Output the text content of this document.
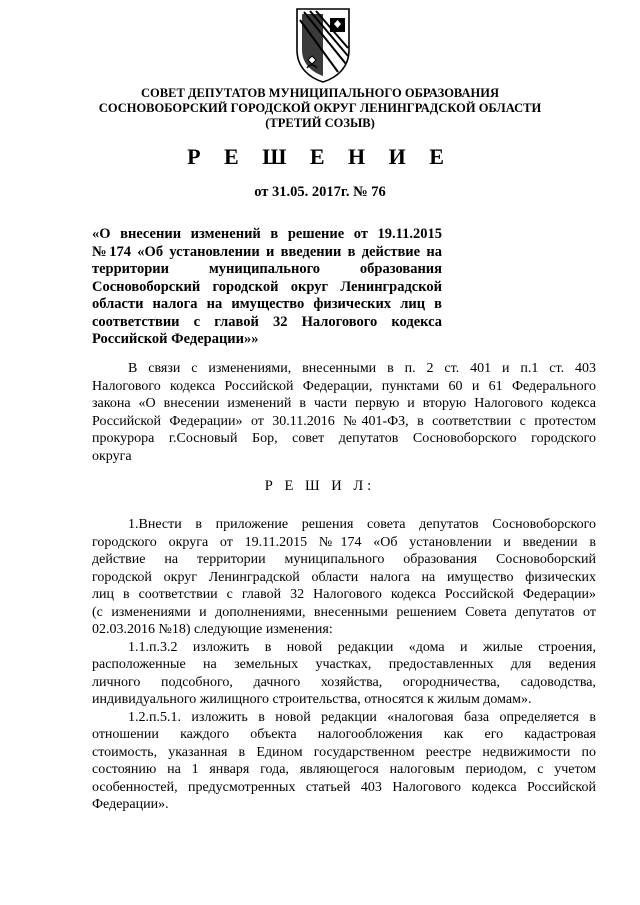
СОВЕТ ДЕПУТАТОВ МУНИЦИПАЛЬНОГО ОБРАЗОВАНИЯ
СОСНОВОБОРСКИЙ ГОРОДСКОЙ ОКРУГ ЛЕНИНГРАДСКОЙ ОБЛАСТИ
(ТРЕТИЙ СОЗЫВ)
Р Е Ш Е Н И Е
от 31.05. 2017г. № 76
«О внесении изменений в решение от 19.11.2015
№174 «Об установлении и введении в действие на
территории муниципального образования
Сосновоборский городской округ Ленинградской
области налога на имущество физических лиц в
соответствии с главой 32 Налогового кодекса
Российской Федерации»»
В связи с изменениями, внесенными в п. 2 ст. 401 и п.1 ст. 403
Налогового кодекса Российской Федерации, пунктами 60 и 61 Федерального
закона «О внесении изменений в части первую и вторую Налогового кодекса
Российской Федерации» от 30.11.2016 №401-ФЗ, в соответствии с протестом
прокурора г.Сосновый Бор, совет депутатов Сосновоборского городского
округа
Р Е Ш И Л:
1.Внести в приложение решения совета депутатов Сосновоборского
городского округа от 19.11.2015 №174 «Об установлении и введении в
действие на территории муниципального образования Сосновоборский
городской округ Ленинградской области налога на имущество физических
лиц в соответствии с главой 32 Налогового кодекса Российской Федерации»
(с изменениями и дополнениями, внесенными решением Совета депутатов от
02.03.2016 №18) следующие изменения:
1.1.п.3.2 изложить в новой редакции «дома и жилые строения,
расположенные на земельных участках, предоставленных для ведения
личного подсобного, дачного хозяйства, огородничества, садоводства,
индивидуального жилищного строительства, относятся к жилым домам».
1.2.п.5.1. изложить в новой редакции «налоговая база определяется в
отношении каждого объекта налогообложения как его кадастровая
стоимость, указанная в Едином государственном реестре недвижимости по
состоянию на 1 января года, являющегося налоговым периодом, с учетом
особенностей, предусмотренных статьей 403 Налогового кодекса Российской
Федерации».
